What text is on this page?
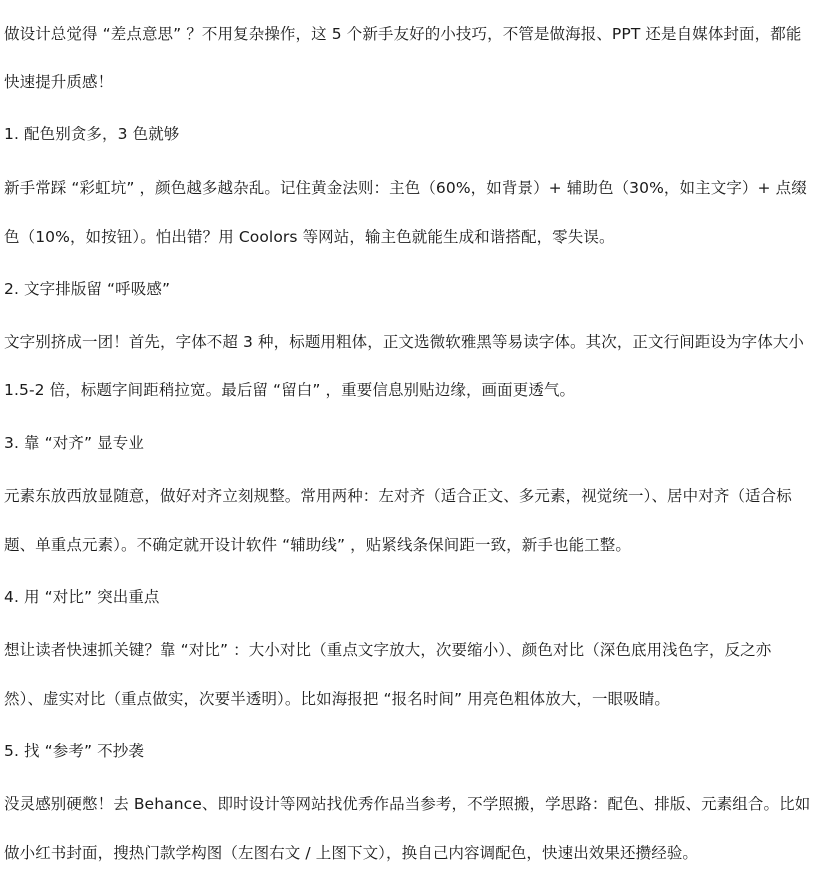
做设计总觉得 “差点意思” ？不用复杂操作，这 5 个新手友好的小技巧，不管是做海报、PPT 还是自媒体封面，都能
快速提升质感！
1. 配色别贪多，3 色就够
新手常踩 “彩虹坑” ，颜色越多越杂乱。记住黄金法则：主色（60%，如背景）+ 辅助色（30%，如主文字）+ 点缀
色（10%，如按钮）。怕出错？用 Coolors 等网站，输主色就能生成和谐搭配，零失误。
2. 文字排版留 “呼吸感”
文字别挤成一团！首先，字体不超 3 种，标题用粗体，正文选微软雅黑等易读字体。其次，正文行间距设为字体大小
1.5-2 倍，标题字间距稍拉宽。最后留 “留白” ，重要信息别贴边缘，画面更透气。
3. 靠 “对齐” 显专业
元素东放西放显随意，做好对齐立刻规整。常用两种：左对齐（适合正文、多元素，视觉统一）、居中对齐（适合标
题、单重点元素）。不确定就开设计软件 “辅助线” ，贴紧线条保间距一致，新手也能工整。
4. 用 “对比” 突出重点
想让读者快速抓关键？靠 “对比” ：大小对比（重点文字放大，次要缩小）、颜色对比（深色底用浅色字，反之亦
然）、虚实对比（重点做实，次要半透明）。比如海报把 “报名时间” 用亮色粗体放大，一眼吸睛。
5. 找 “参考” 不抄袭
没灵感别硬憋！去 Behance、即时设计等网站找优秀作品当参考，不学照搬，学思路：配色、排版、元素组合。比如
做小红书封面，搜热门款学构图（左图右文 / 上图下文），换自己内容调配色，快速出效果还攒经验。
